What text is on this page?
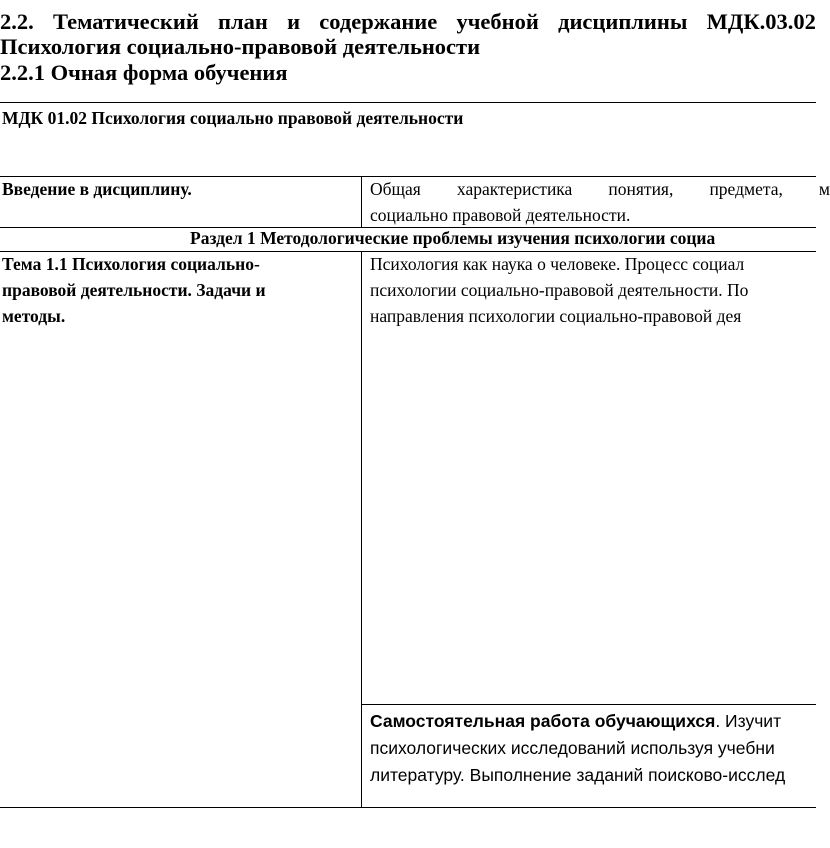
2.2. Тематический план и содержание учебной дисциплины МДК.03.02
Психология социально-правовой деятельности
2.2.1 Очная форма обучения
МДК 01.02 Психология социально правовой деятельности
Введение в дисциплину.	Общая характеристика понятия, предмета, м
социально правовой деятельности.
Раздел 1 Методологические проблемы изучения психологии социа
Тема 1.1 Психология социально-
правовой деятельности. Задачи и
методы.
Психология как наука о человеке. Процесс социал
психологии социально-правовой деятельности. По
направления психологии социально-правовой дея
Самостоятельная работа обучающихся. Изучит
психологических исследований используя учебни
литературу. Выполнение заданий поисково-исслед
